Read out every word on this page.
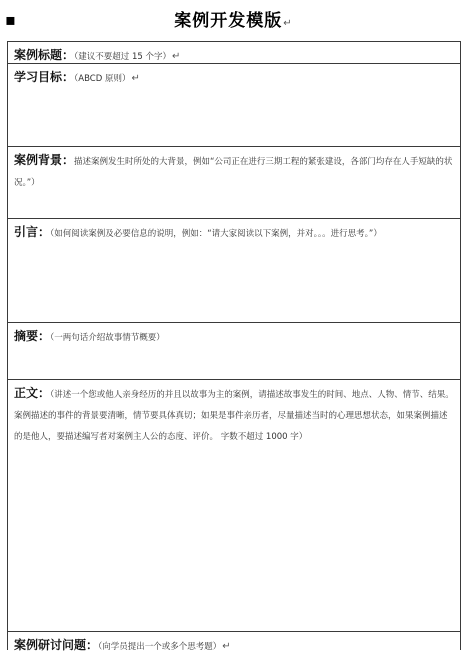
▪	案例开发模版↵
案例标题：（建议不要超过 15 个字）↵
学习目标：（ABCD 原则）↵
案例背景：描述案例发生时所处的大背景，例如“公司正在进行三期工程的紧张建设，各部门均存在人手短缺的状况。”）
引言：（如何阅读案例及必要信息的说明，例如：“请大家阅读以下案例，并对。。。进行思考。”）
摘要：（一两句话介绍故事情节概要）
正文：（讲述一个您或他人亲身经历的并且以故事为主的案例，请描述故事发生的时间、地点、人物、情节、结果。案例描述的事件的背景要清晰，情节要具体真切；如果是事件亲历者，尽量描述当时的心理思想状态，如果案例描述的是他人，要描述编写者对案例主人公的态度、评价。 字数不超过 1000 字）
案例研讨问题：（向学员提出一个或多个思考题）↵
